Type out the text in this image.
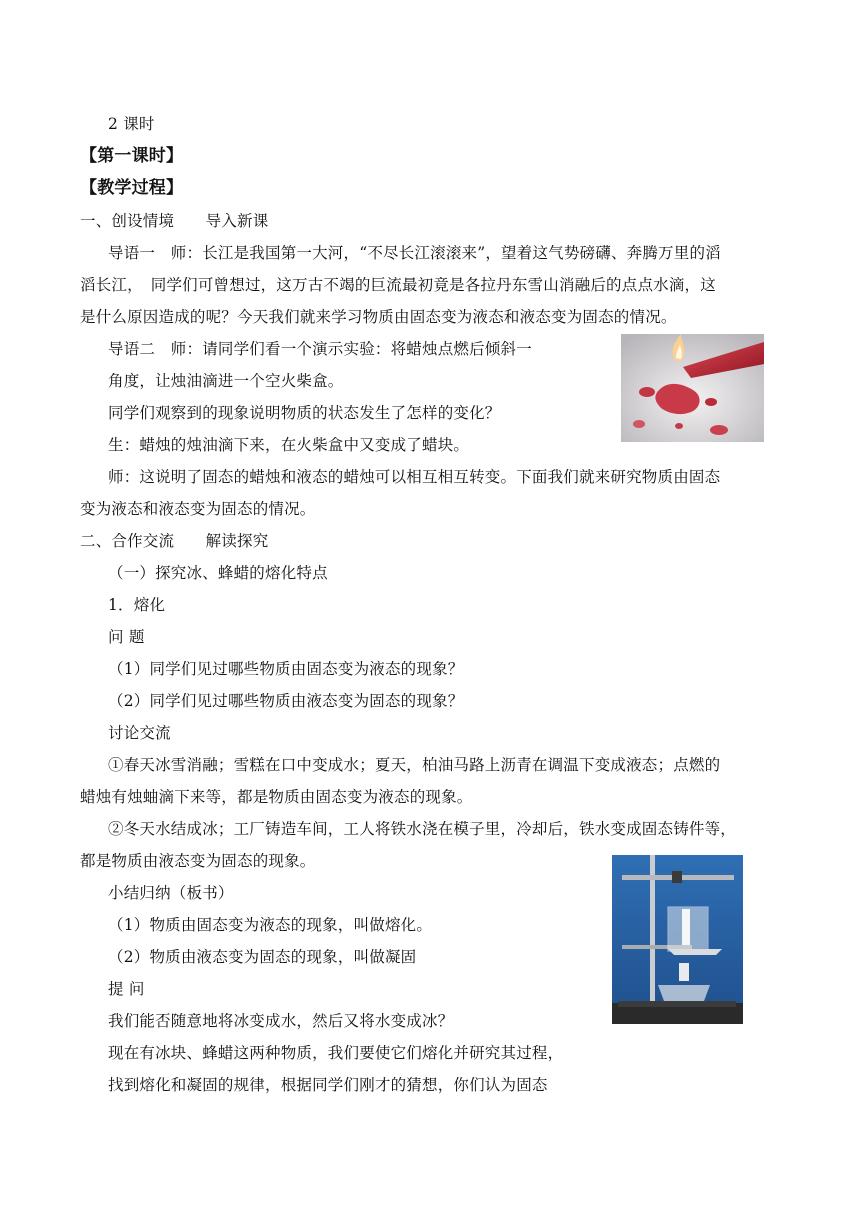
2 课时
【第一课时】
【教学过程】
一、创设情境　　导入新课
导语一　师：长江是我国第一大河，“不尽长江滚滚来”，望着这气势磅礴、奔腾万里的滔
滔长江，　同学们可曾想过，这万古不竭的巨流最初竟是各拉丹东雪山消融后的点点水滴，这
是什么原因造成的呢？今天我们就来学习物质由固态变为液态和液态变为固态的情况。
导语二　师：请同学们看一个演示实验：将蜡烛点燃后倾斜一
角度，让烛油滴进一个空火柴盒。
同学们观察到的现象说明物质的状态发生了怎样的变化？
生：蜡烛的烛油滴下来，在火柴盒中又变成了蜡块。
师：这说明了固态的蜡烛和液态的蜡烛可以相互相互转变。下面我们就来研究物质由固态
变为液态和液态变为固态的情况。
二、合作交流　　解读探究
（一）探究冰、蜂蜡的熔化特点
1．熔化
问 题
（1）同学们见过哪些物质由固态变为液态的现象？
（2）同学们见过哪些物质由液态变为固态的现象？
讨论交流
①春天冰雪消融；雪糕在口中变成水；夏天，柏油马路上沥青在调温下变成液态；点燃的
蜡烛有烛蚰滴下来等，都是物质由固态变为液态的现象。
②冬天水结成冰；工厂铸造车间，工人将铁水浇在模子里，冷却后，铁水变成固态铸件等，
都是物质由液态变为固态的现象。
小结归纳（板书）
（1）物质由固态变为液态的现象，叫做熔化。
（2）物质由液态变为固态的现象，叫做凝固
提 问
我们能否随意地将冰变成水，然后又将水变成冰？
现在有冰块、蜂蜡这两种物质，我们要使它们熔化并研究其过程，
找到熔化和凝固的规律，根据同学们刚才的猜想，你们认为固态
